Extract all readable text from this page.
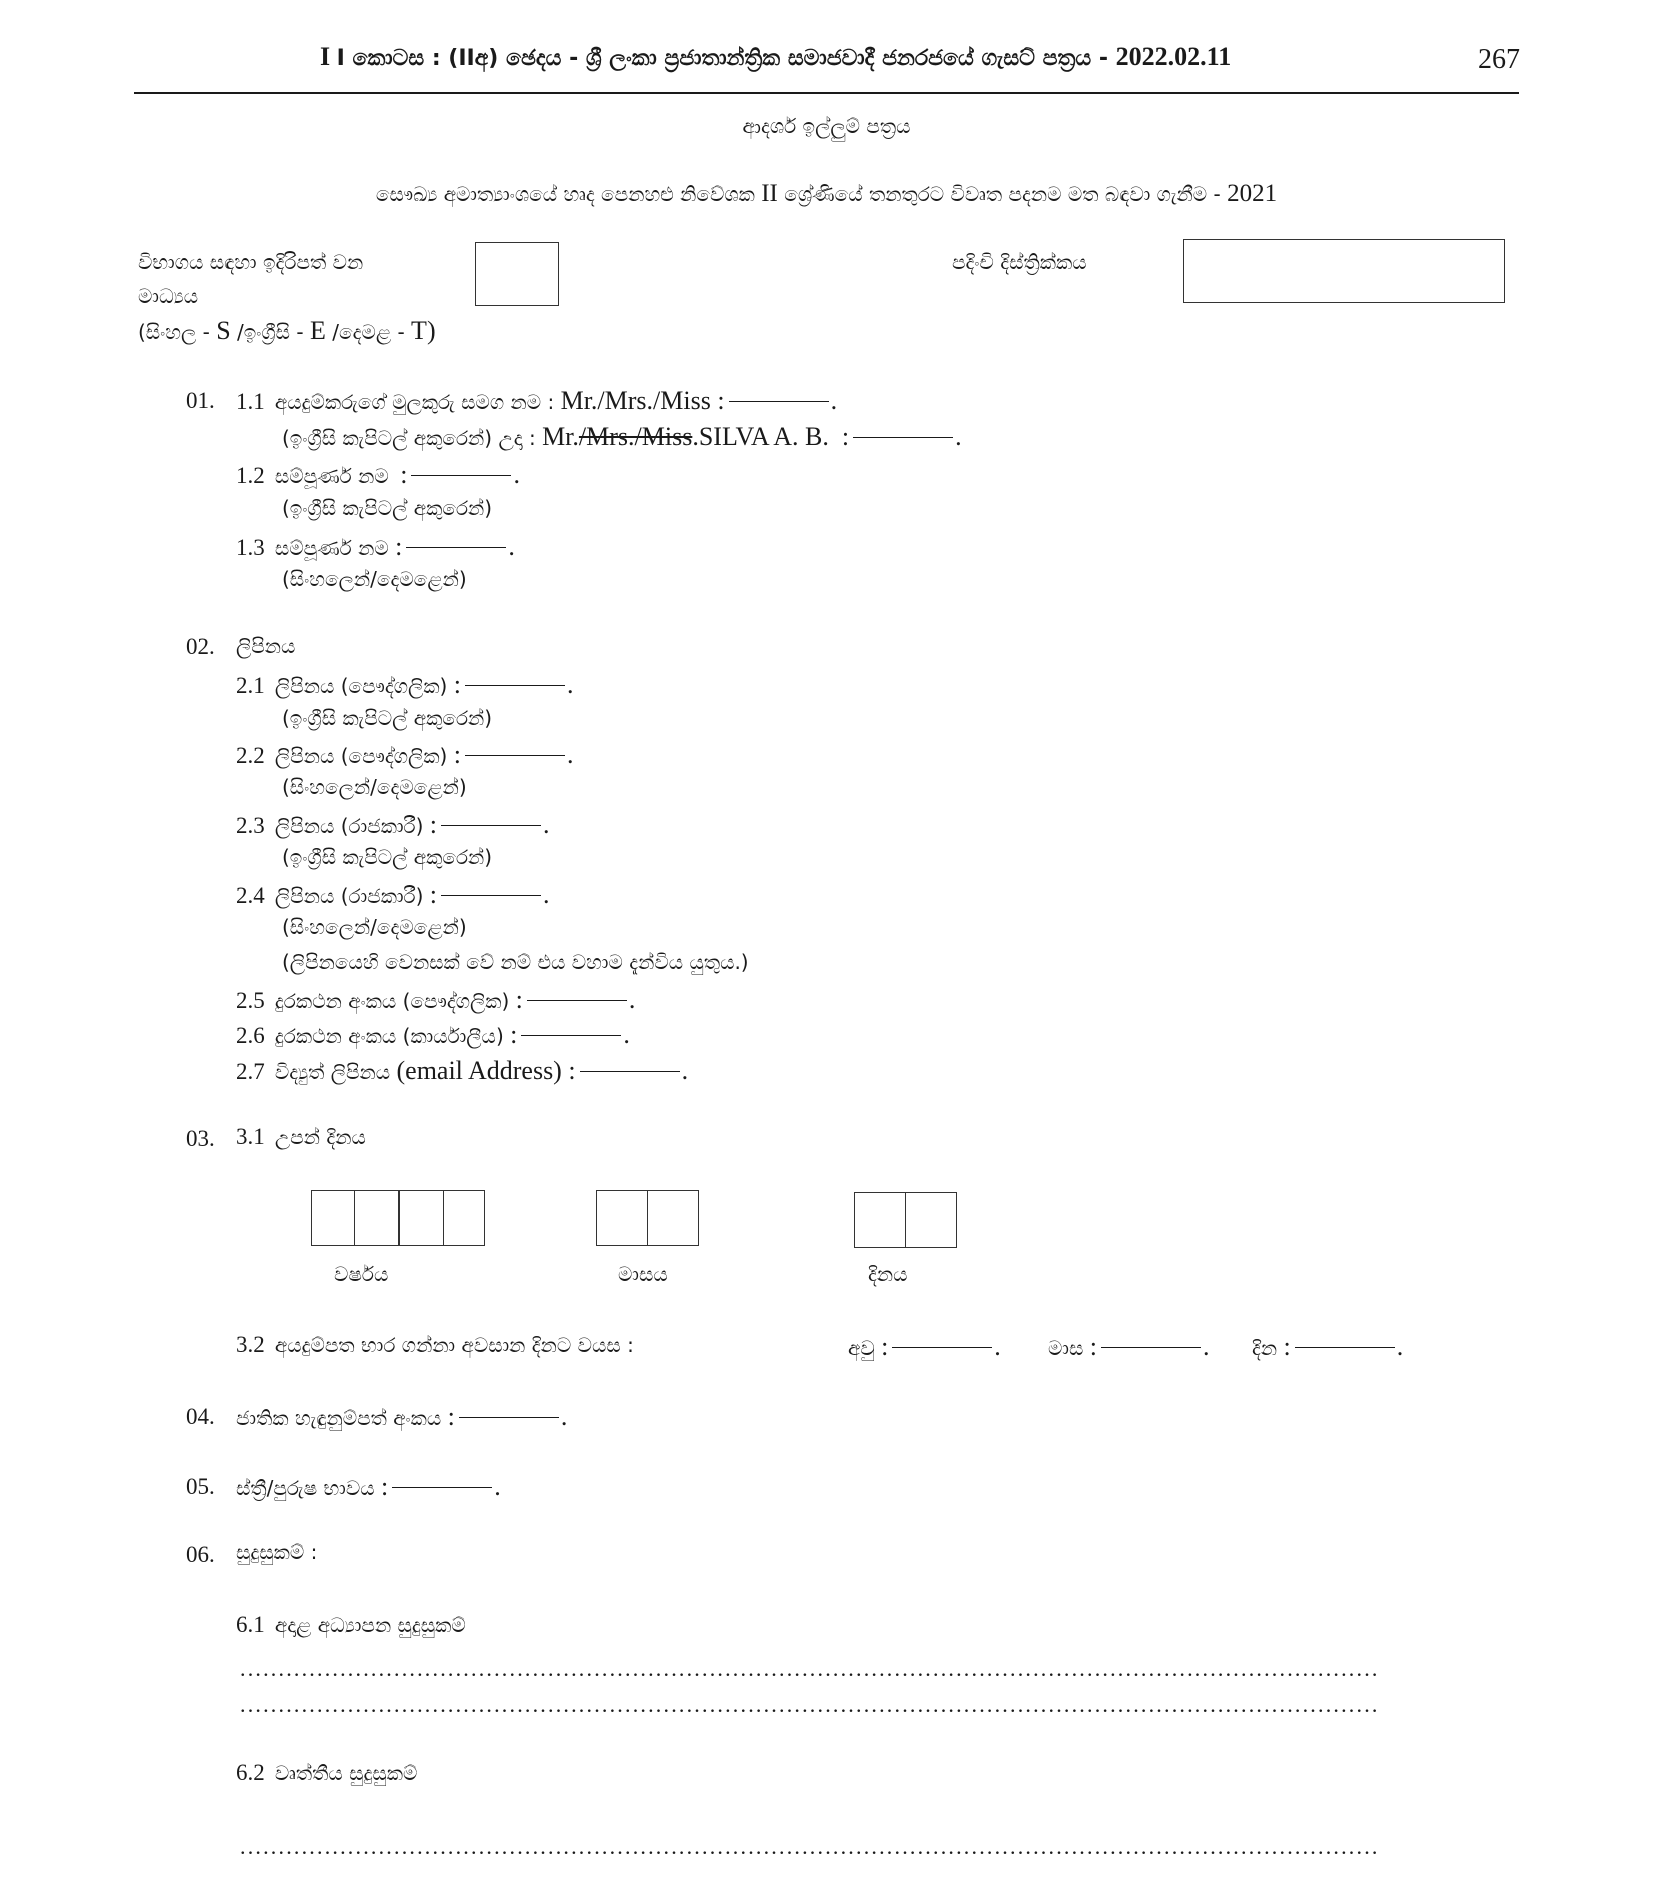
I I කොටස : (IIඅ) ඡෙදය - ශ්‍රී ලංකා ප්‍රජාතාන්ත්‍රික සමාජවාදී ජනරජයේ ගැසට් පත්‍රය - 2022.02.11	267
ආදර්ශ ඉල්ලුම් පත්‍රය
සෞඛ්‍ය අමාත්‍යාංශයේ හෘද පෙනහළු නිවේශක II ශ්‍රේණියේ තනතුරට විවෘත පදනම මත බඳවා ගැනීම - 2021
විභාගය සඳහා ඉදිරිපත් වන
මාධ්‍යය
(සිංහල - S /ඉංග්‍රීසි - E /දෙමළ - T)
පදිංචි දිස්ත්‍රික්කය
01. 1.1 අයදුම්කරුගේ මුලකුරු සමග නම : Mr./Mrs./Miss :	.
(ඉංග්‍රීසි කැපිටල් අකුරෙන්) උදා : Mr./Mrs./Miss.SILVA A. B. :	.
1.2 සම්පූර්ණ නම  :	.
(ඉංග්‍රීසි කැපිටල් අකුරෙන්)
1.3 සම්පූර්ණ නම :	.
(සිංහලෙන්/දෙමළෙන්)
02. ලිපිනය
2.1 ලිපිනය (පෞද්ගලික) :	.
(ඉංග්‍රීසි කැපිටල් අකුරෙන්)
2.2 ලිපිනය (පෞද්ගලික) :	.
(සිංහලෙන්/දෙමළෙන්)
2.3 ලිපිනය (රාජකාරී) :	.
(ඉංග්‍රීසි කැපිටල් අකුරෙන්)
2.4 ලිපිනය (රාජකාරී) :	.
(සිංහලෙන්/දෙමළෙන්)
(ලිපිනයෙහි වෙනසක් වේ නම් එය වහාම දැන්විය යුතුය.)
2.5 දුරකථන අංකය (පෞද්ගලික) :	.
2.6 දුරකථන අංකය (කාර්යාලීය) :	.
2.7 විද්‍යුත් ලිපිනය (email Address) :	.
03. 3.1 උපන් දිනය
වර්ෂය	මාසය	දිනය
3.2 අයදුම්පත භාර ගන්නා අවසාන දිනට වයස :	අවු :	. මාස :	. දින :	.
04. ජාතික හැඳුනුම්පත් අංකය :	.
05. ස්ත්‍රී/පුරුෂ භාවය :	.
06. සුදුසුකම් :
6.1 අදාළ අධ්‍යාපන සුදුසුකම්
....................................................................................................................................................
....................................................................................................................................................
6.2 වෘත්තීය සුදුසුකම්
....................................................................................................................................................
